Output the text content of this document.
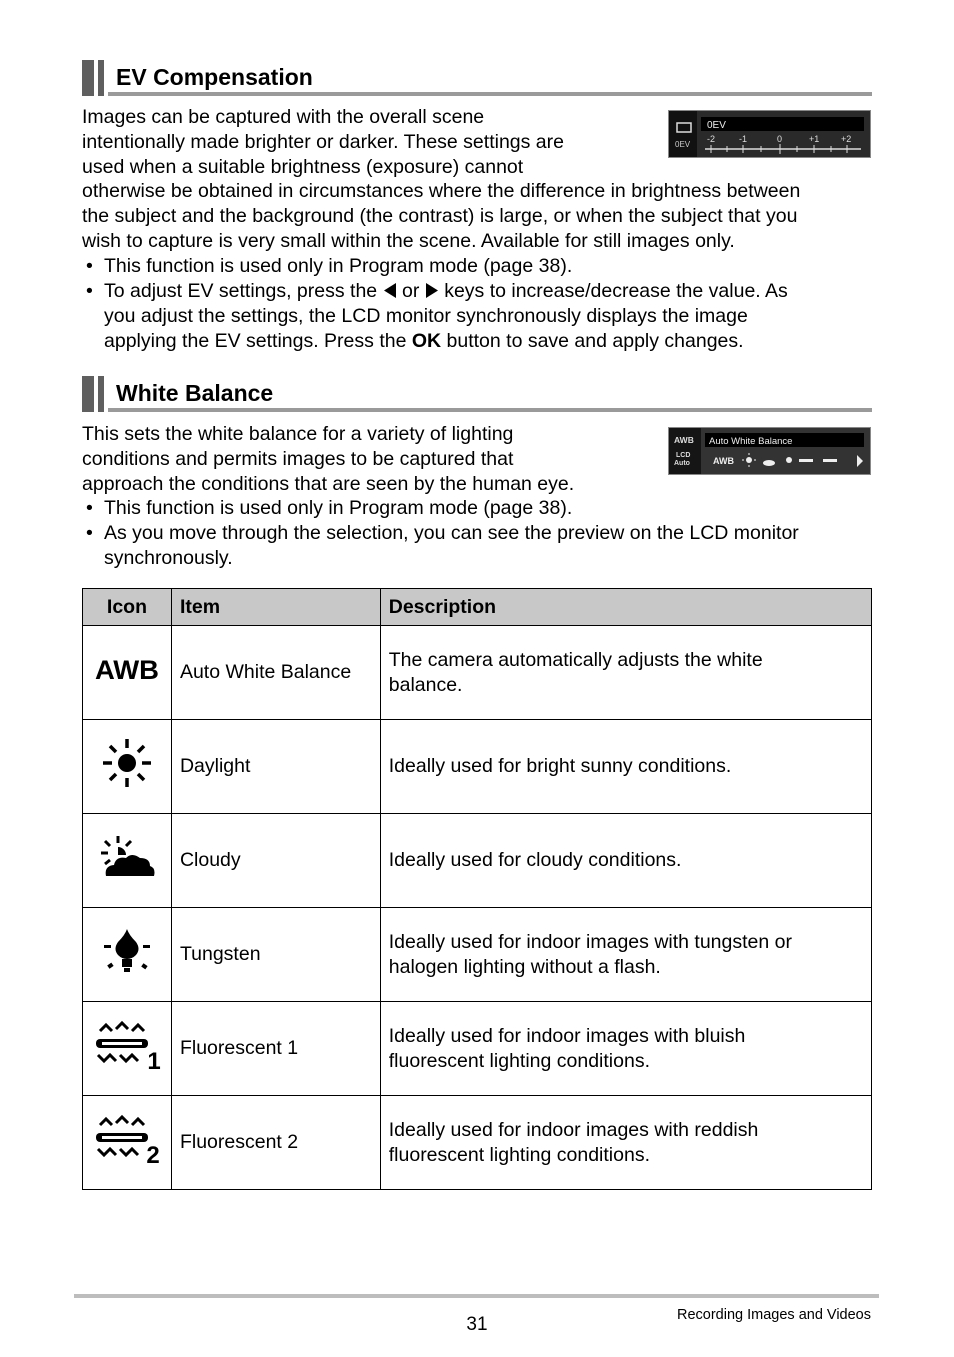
EV Compensation
Images can be captured with the overall scene
intentionally made brighter or darker. These settings are
used when a suitable brightness (exposure) cannot
otherwise be obtained in circumstances where the difference in brightness between
the subject and the background (the contrast) is large, or when the subject that you
wish to capture is very small within the scene. Available for still images only.
0EV
0EV
-2	-1	0	+1 +2
• This function is used only in Program mode (page 38).
• To adjust EV settings, press the or keys to increase/decrease the value. As
you adjust the settings, the LCD monitor synchronously displays the image
applying the EV settings. Press the OK button to save and apply changes.
White Balance
This sets the white balance for a variety of lighting
conditions and permits images to be captured that
approach the conditions that are seen by the human eye.
AWB
LCD
Auto
Auto White Balance
AWB
• This function is used only in Program mode (page 38).
• As you move through the selection, you can see the preview on the LCD monitor
synchronously.
Icon	Item	Description

AWB	Auto White Balance	The camera automatically adjusts the white
balance.

	Daylight	Ideally used for bright sunny conditions.

	Cloudy	Ideally used for cloudy conditions.

	Tungsten	Ideally used for indoor images with tungsten or
halogen lighting without a flash.

1	Fluorescent 1	Ideally used for indoor images with bluish
fluorescent lighting conditions.

2	Fluorescent 2	Ideally used for indoor images with reddish
fluorescent lighting conditions.
31	Recording Images and Videos
